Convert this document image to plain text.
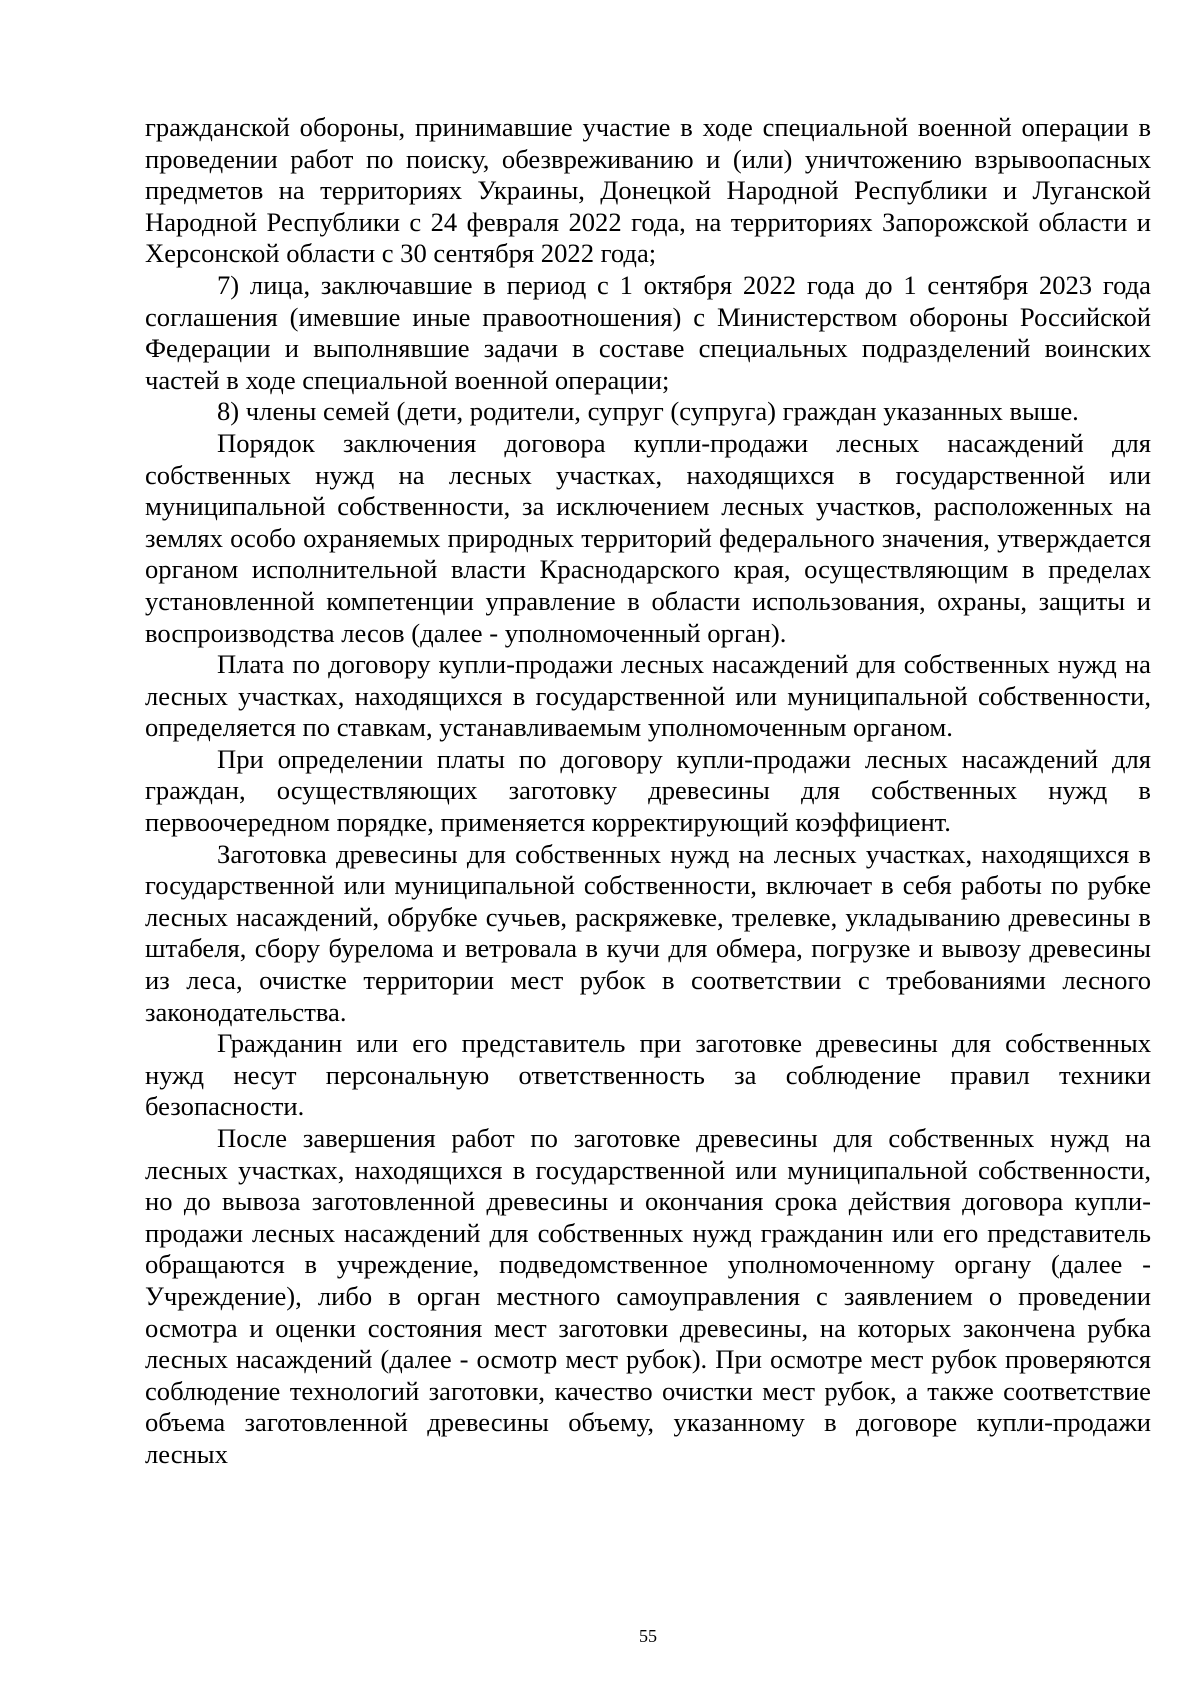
гражданской обороны, принимавшие участие в ходе специальной военной операции в проведении работ по поиску, обезвреживанию и (или) уничтожению взрывоопасных предметов на территориях Украины, Донецкой Народной Республики и Луганской Народной Республики с 24 февраля 2022 года, на территориях Запорожской области и Херсонской области с 30 сентября 2022 года;

7) лица, заключавшие в период с 1 октября 2022 года до 1 сентября 2023 года соглашения (имевшие иные правоотношения) с Министерством обороны Российской Федерации и выполнявшие задачи в составе специальных подразделений воинских частей в ходе специальной военной операции;

8) члены семей (дети, родители, супруг (супруга) граждан указанных выше.

Порядок заключения договора купли-продажи лесных насаждений для собственных нужд на лесных участках, находящихся в государственной или муниципальной собственности, за исключением лесных участков, расположенных на землях особо охраняемых природных территорий федерального значения, утверждается органом исполнительной власти Краснодарского края, осуществляющим в пределах установленной компетенции управление в области использования, охраны, защиты и воспроизводства лесов (далее - уполномоченный орган).

Плата по договору купли-продажи лесных насаждений для собственных нужд на лесных участках, находящихся в государственной или муниципальной собственности, определяется по ставкам, устанавливаемым уполномоченным органом.

При определении платы по договору купли-продажи лесных насаждений для граждан, осуществляющих заготовку древесины для собственных нужд в первоочередном порядке, применяется корректирующий коэффициент.

Заготовка древесины для собственных нужд на лесных участках, находящихся в государственной или муниципальной собственности, включает в себя работы по рубке лесных насаждений, обрубке сучьев, раскряжевке, трелевке, укладыванию древесины в штабеля, сбору бурелома и ветровала в кучи для обмера, погрузке и вывозу древесины из леса, очистке территории мест рубок в соответствии с требованиями лесного законодательства.

Гражданин или его представитель при заготовке древесины для собственных нужд несут персональную ответственность за соблюдение правил техники безопасности.

После завершения работ по заготовке древесины для собственных нужд на лесных участках, находящихся в государственной или муниципальной собственности, но до вывоза заготовленной древесины и окончания срока действия договора купли-продажи лесных насаждений для собственных нужд гражданин или его представитель обращаются в учреждение, подведомственное уполномоченному органу (далее - Учреждение), либо в орган местного самоуправления с заявлением о проведении осмотра и оценки состояния мест заготовки древесины, на которых закончена рубка лесных насаждений (далее - осмотр мест рубок). При осмотре мест рубок проверяются соблюдение технологий заготовки, качество очистки мест рубок, а также соответствие объема заготовленной древесины объему, указанному в договоре купли-продажи лесных

55
